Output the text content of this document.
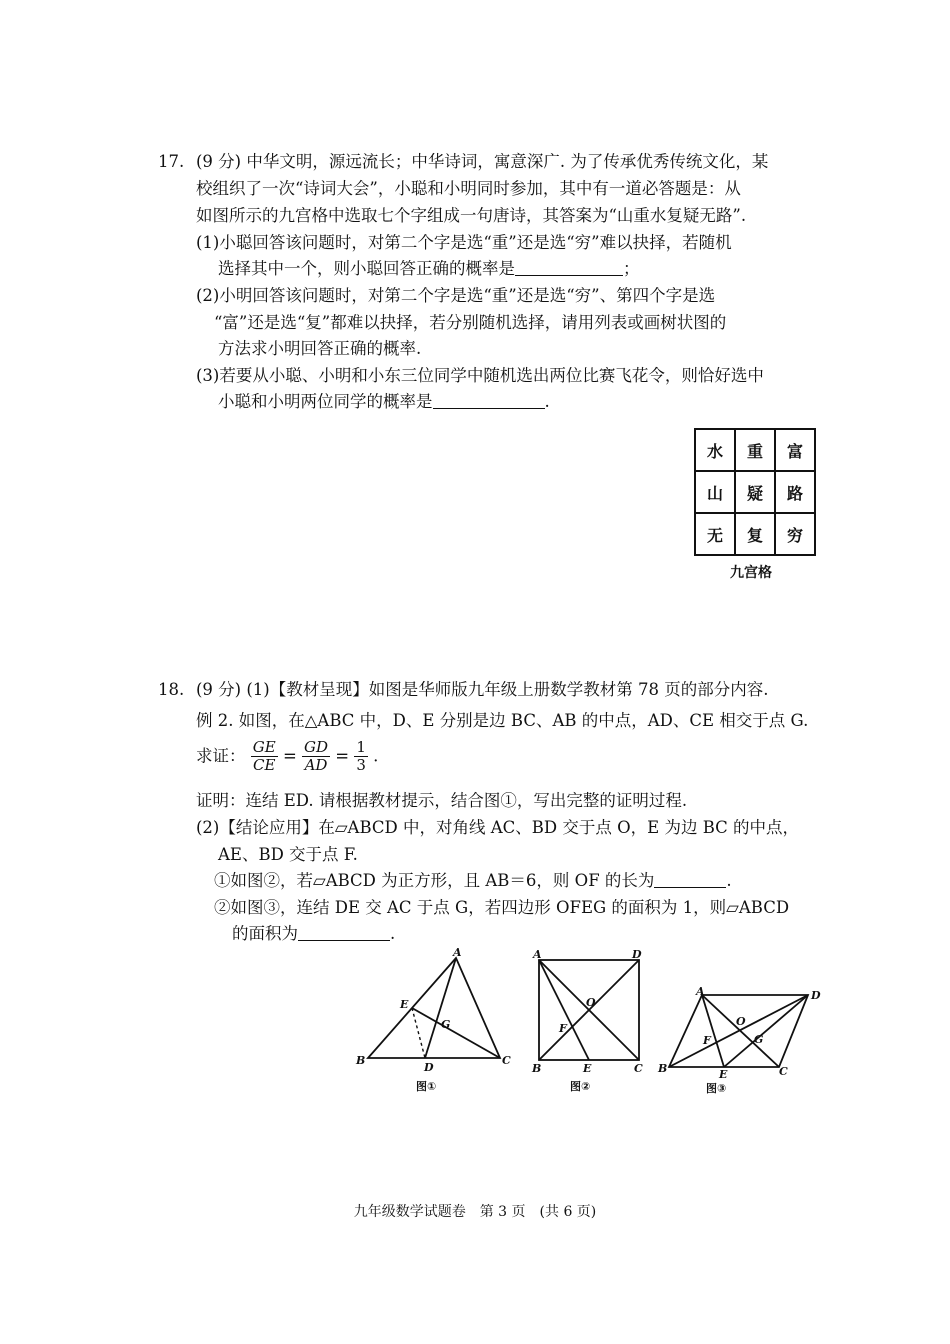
17. (9 分) 中华文明，源远流长；中华诗词，寓意深广. 为了传承优秀传统文化，某
校组织了一次“诗词大会”，小聪和小明同时参加，其中有一道必答题是：从
如图所示的九宫格中选取七个字组成一句唐诗，其答案为“山重水复疑无路”.
(1)小聪回答该问题时，对第二个字是选“重”还是选“穷”难以抉择，若随机
选择其中一个，则小聪回答正确的概率是	；
(2)小明回答该问题时，对第二个字是选“重”还是选“穷”、第四个字是选
“富”还是选“复”都难以抉择，若分别随机选择，请用列表或画树状图的
方法求小明回答正确的概率.
(3)若要从小聪、小明和小东三位同学中随机选出两位比赛飞花令，则恰好选中
小聪和小明两位同学的概率是	.
水	重	富
山	疑	路
无	复	穷
九宫格
18. (9 分) (1)【教材呈现】如图是华师版九年级上册数学教材第 78 页的部分内容.
例 2. 如图，在△ABC 中，D、E 分别是边 BC、AB 的中点，AD、CE 相交于点 G.
求证： $\frac{GE}{CE} = \frac{GD}{AD} = \frac{1}{3}$ .
证明：连结 ED. 请根据教材提示，结合图①，写出完整的证明过程.
(2)【结论应用】在▱ABCD 中，对角线 AC、BD 交于点 O，E 为边 BC 的中点，
AE、BD 交于点 F.
①如图②，若▱ABCD 为正方形，且 AB＝6，则 OF 的长为	.
②如图③，连结 DE 交 AC 于点 G，若四边形 OFEG 的面积为 1，则▱ABCD
的面积为	.
A
B	C
D
E
G
图①
A	D
B	C
E
O
F
图②
A	D
B	C
E
O
F	G
图③
九年级数学试题卷　第 3 页　(共 6 页)
